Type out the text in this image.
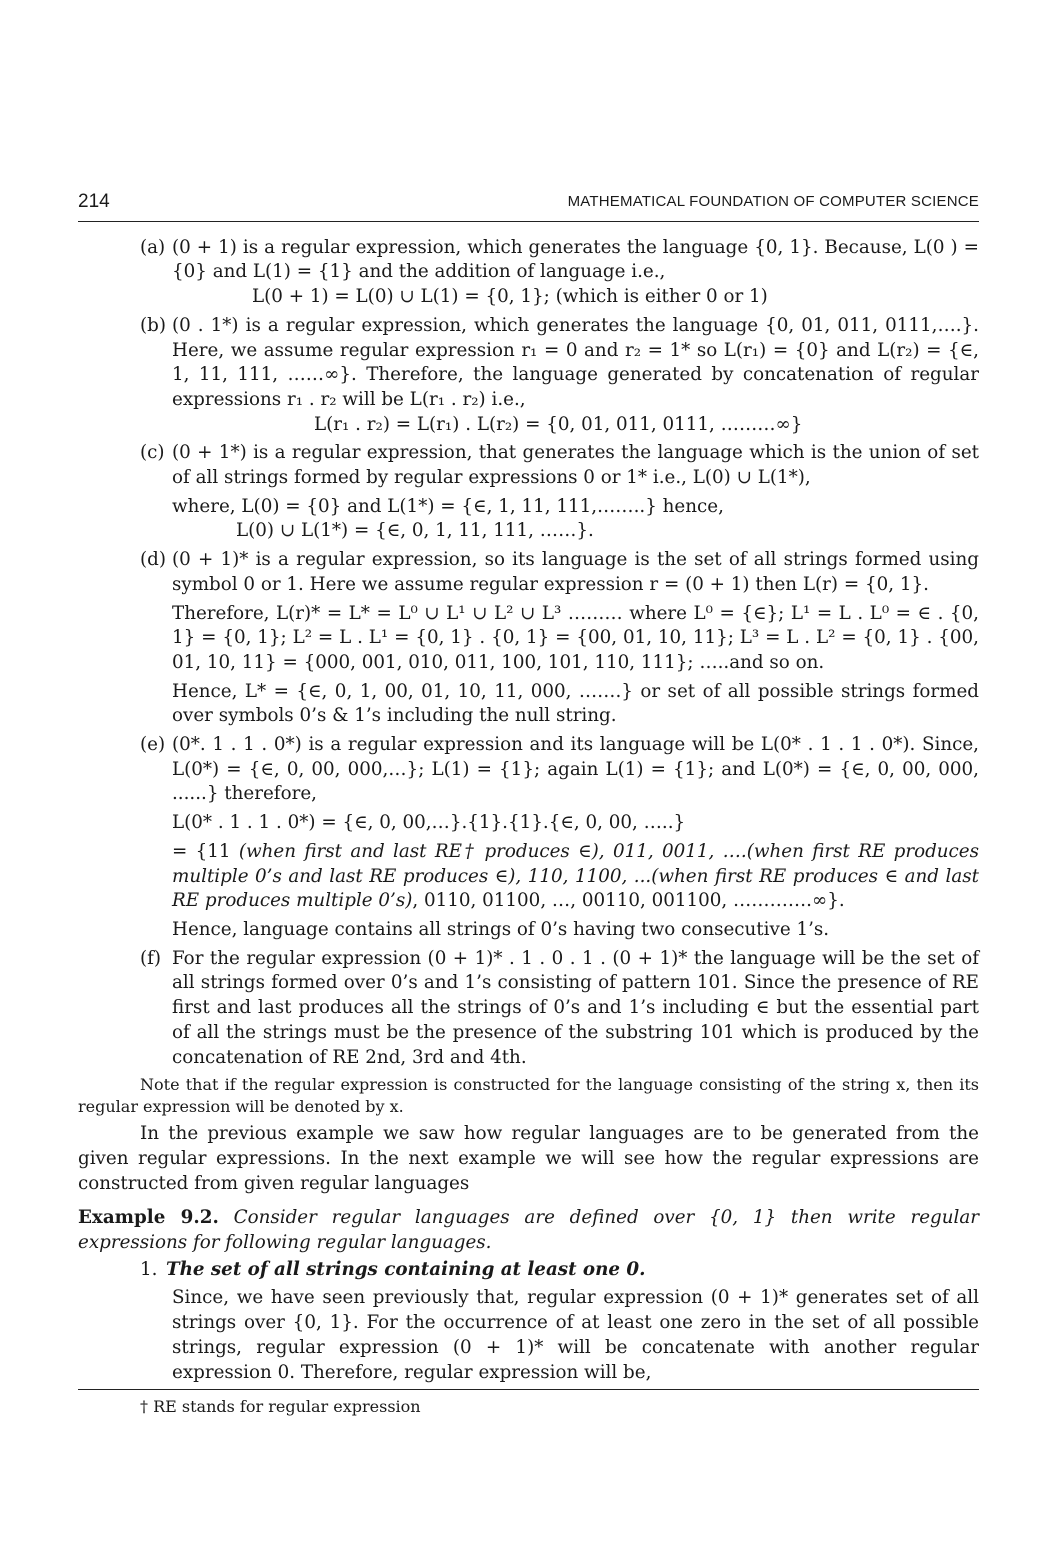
214	MATHEMATICAL FOUNDATION OF COMPUTER SCIENCE
(a) (0 + 1) is a regular expression, which generates the language {0, 1}. Because, L(0 ) = {0} and L(1) = {1} and the addition of language i.e.,

L(0 + 1) = L(0) ∪ L(1) = {0, 1}; (which is either 0 or 1)

(b) (0 . 1*) is a regular expression, which generates the language {0, 01, 011, 0111,….}. Here, we assume regular expression r₁ = 0 and r₂ = 1* so L(r₁) = {0} and L(r₂) = {∈, 1, 11, 111, ……∞}. Therefore, the language generated by concatenation of regular expressions r₁ . r₂ will be L(r₁ . r₂) i.e.,

L(r₁ . r₂) = L(r₁) . L(r₂) = {0, 01, 011, 0111, ………∞}

(c) (0 + 1*) is a regular expression, that generates the language which is the union of set of all strings formed by regular expressions 0 or 1* i.e., L(0) ∪ L(1*),

where, L(0) = {0} and L(1*) = {∈, 1, 11, 111,……..} hence,

L(0) ∪ L(1*) = {∈, 0, 1, 11, 111, ……}.

(d) (0 + 1)* is a regular expression, so its language is the set of all strings formed using symbol 0 or 1. Here we assume regular expression r = (0 + 1) then L(r) = {0, 1}.

Therefore, L(r)* = L* = L⁰ ∪ L¹ ∪ L² ∪ L³ ……… where L⁰ = {∈}; L¹ = L . L⁰ = ∈ . {0, 1} = {0, 1}; L² = L . L¹ = {0, 1} . {0, 1} = {00, 01, 10, 11}; L³ = L . L² = {0, 1} . {00, 01, 10, 11} = {000, 001, 010, 011, 100, 101, 110, 111}; …..and so on.

Hence, L* = {∈, 0, 1, 00, 01, 10, 11, 000, …….} or set of all possible strings formed over symbols 0’s & 1’s including the null string.

(e) (0*. 1 . 1 . 0*) is a regular expression and its language will be L(0* . 1 . 1 . 0*). Since, L(0*) = {∈, 0, 00, 000,…}; L(1) = {1}; again L(1) = {1}; and L(0*) = {∈, 0, 00, 000, ......} therefore,

L(0* . 1 . 1 . 0*) = {∈, 0, 00,…}.{1}.{1}.{∈, 0, 00, …..}

= {11 (when first and last RE† produces ∈), 011, 0011, ….(when first RE produces multiple 0’s and last RE produces ∈), 110, 1100, ...(when first RE produces ∈ and last RE produces multiple 0’s), 0110, 01100, …, 00110, 001100, ………….∞}.

Hence, language contains all strings of 0’s having two consecutive 1’s.

(f) For the regular expression (0 + 1)* . 1 . 0 . 1 . (0 + 1)* the language will be the set of all strings formed over 0’s and 1’s consisting of pattern 101. Since the presence of RE first and last produces all the strings of 0’s and 1’s including ∈ but the essential part of all the strings must be the presence of the substring 101 which is produced by the concatenation of RE 2nd, 3rd and 4th.

Note that if the regular expression is constructed for the language consisting of the string x, then its regular expression will be denoted by x.

In the previous example we saw how regular languages are to be generated from the given regular expressions. In the next example we will see how the regular expressions are constructed from given regular languages

Example 9.2. Consider regular languages are defined over {0, 1} then write regular expressions for following regular languages.

1. The set of all strings containing at least one 0.

Since, we have seen previously that, regular expression (0 + 1)* generates set of all strings over {0, 1}. For the occurrence of at least one zero in the set of all possible strings, regular expression (0 + 1)* will be concatenate with another regular expression 0. Therefore, regular expression will be,

† RE stands for regular expression
